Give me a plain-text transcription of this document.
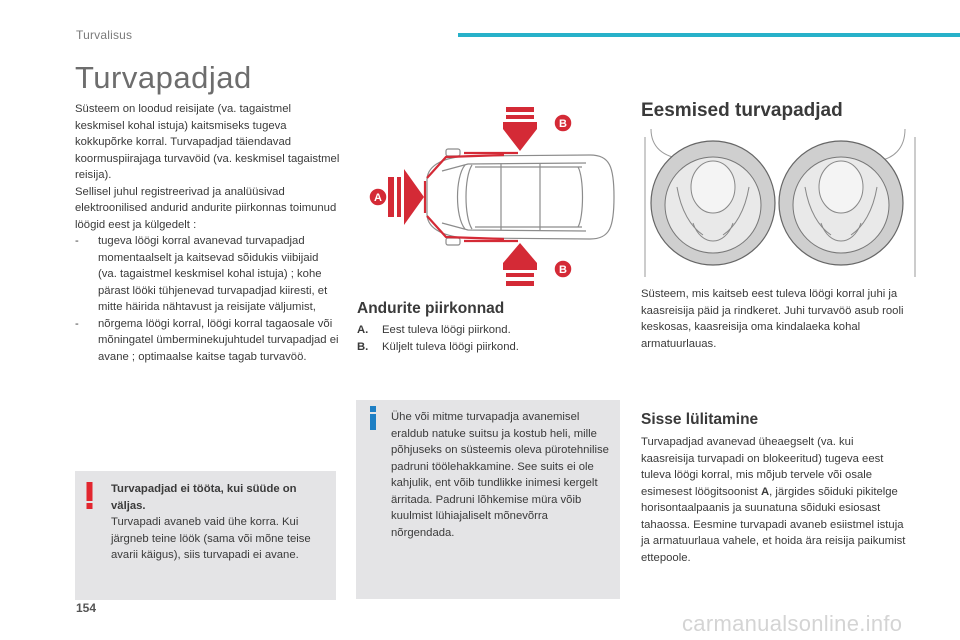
Turvalisus
Turvapadjad

Süsteem on loodud reisijate (va. tagaistmel keskmisel kohal istuja) kaitsmiseks tugeva kokkupõrke korral. Turvapadjad täiendavad koormuspiirajaga turvavöid (va. keskmisel tagaistmel reisija).

Sellisel juhul registreerivad ja analüüsivad elektroonilised andurid andurite piirkonnas toimunud löögid eest ja külgedelt :

- tugeva löögi korral avanevad turvapadjad momentaalselt ja kaitsevad sõidukis viibijaid (va. tagaistmel keskmisel kohal istuja) ; kohe pärast lööki tühjenevad turvapadjad kiiresti, et mitte häirida nähtavust ja reisijate väljumist,
- nõrgema löögi korral, löögi korral tagaosale või mõningatel ümberminekujuhtudel turvapadjad ei avane ; optimaalse kaitse tagab turvavöö.
Turvapadjad ei tööta, kui süüde on väljas.
Turvapadi avaneb vaid ühe korra. Kui järgneb teine löök (sama või mõne teise avarii käigus), siis turvapadi ei avane.
A
B
B
Andurite piirkonnad
A.	Eest tuleva löögi piirkond.
B.	Küljelt tuleva löögi piirkond.
Ühe või mitme turvapadja avanemisel eraldub natuke suitsu ja kostub heli, mille põhjuseks on süsteemis oleva pürotehnilise padruni töölehakkamine. See suits ei ole kahjulik, ent võib tundlikke inimesi kergelt ärritada. Padruni lõhkemise müra võib kuulmist lühiajaliselt mõnevõrra nõrgendada.
Eesmised turvapadjad
Süsteem, mis kaitseb eest tuleva löögi korral juhi ja kaasreisija päid ja rindkeret. Juhi turvavöö asub rooli keskosas, kaasreisija oma kindalaeka kohal armatuurlauas.
Sisse lülitamine
Turvapadjad avanevad üheaegselt (va. kui kaasreisija turvapadi on blokeeritud) tugeva eest tuleva löögi korral, mis mõjub tervele või osale esimesest löögitsoonist A, järgides sõiduki pikitelge horisontaalpaanis ja suunatuna sõiduki esiosast tahaossa. Eesmine turvapadi avaneb esiistmel istuja ja armatuurlaua vahele, et hoida ära reisija paikumist ettepoole.
154
carmanualsonline.info
